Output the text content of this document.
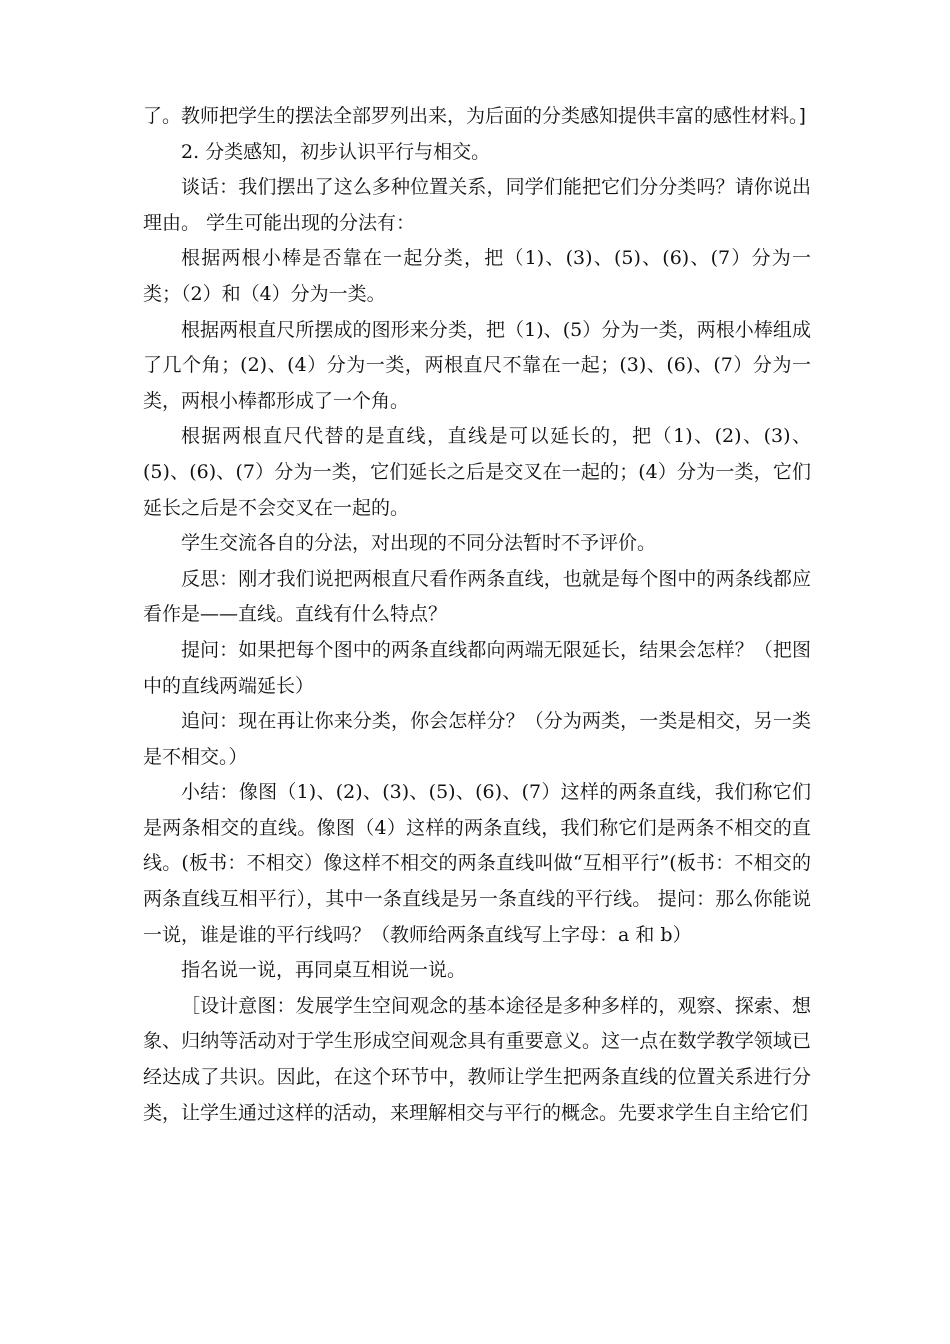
了。教师把学生的摆法全部罗列出来，为后面的分类感知提供丰富的感性材料。]

2. 分类感知，初步认识平行与相交。

谈话：我们摆出了这么多种位置关系，同学们能把它们分分类吗？请你说出理由。 学生可能出现的分法有：

根据两根小棒是否靠在一起分类，把（1)、(3)、(5)、(6)、(7）分为一类；（2）和（4）分为一类。

根据两根直尺所摆成的图形来分类，把（1)、(5）分为一类，两根小棒组成了几个角；(2)、(4）分为一类，两根直尺不靠在一起；(3)、(6)、(7）分为一类，两根小棒都形成了一个角。

根据两根直尺代替的是直线，直线是可以延长的，把（1)、(2)、(3)、(5)、(6)、(7）分为一类，它们延长之后是交叉在一起的；(4）分为一类，它们延长之后是不会交叉在一起的。

学生交流各自的分法，对出现的不同分法暂时不予评价。

反思：刚才我们说把两根直尺看作两条直线，也就是每个图中的两条线都应看作是——直线。直线有什么特点？

提问：如果把每个图中的两条直线都向两端无限延长，结果会怎样？（把图中的直线两端延长）

追问：现在再让你来分类，你会怎样分？（分为两类，一类是相交，另一类是不相交。）

小结：像图（1)、(2)、(3)、(5)、(6)、(7）这样的两条直线，我们称它们是两条相交的直线。像图（4）这样的两条直线，我们称它们是两条不相交的直线。(板书：不相交）像这样不相交的两条直线叫做“互相平行”(板书：不相交的两条直线互相平行），其中一条直线是另一条直线的平行线。 提问：那么你能说一说，谁是谁的平行线吗？（教师给两条直线写上字母：a 和 b）

指名说一说，再同桌互相说一说。

［设计意图：发展学生空间观念的基本途径是多种多样的，观察、探索、想象、归纳等活动对于学生形成空间观念具有重要意义。这一点在数学教学领域已经达成了共识。因此，在这个环节中，教师让学生把两条直线的位置关系进行分类，让学生通过这样的活动，来理解相交与平行的概念。先要求学生自主给它们
